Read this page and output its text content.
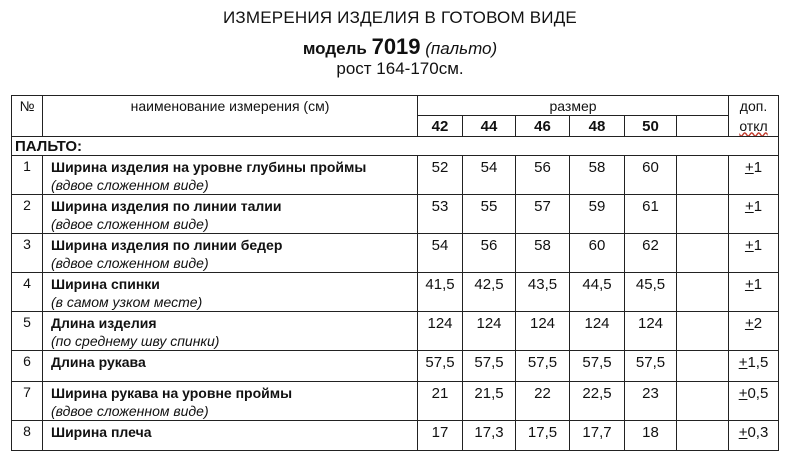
ИЗМЕРЕНИЯ ИЗДЕЛИЯ В ГОТОВОМ ВИДЕ
модель 7019 (пальто)
рост 164-170см.
№	наименование измерения (см)	размер						доп.
		42	44	46	48	50		откл
ПАЛЬТО:								
1	Ширина изделия на уровне глубины проймы
(вдвое сложенном виде)	52	54	56	58	60		+1
2	Ширина изделия по линии талии
(вдвое сложенном виде)	53	55	57	59	61		+1
3	Ширина изделия по линии бедер
(вдвое сложенном виде)	54	56	58	60	62		+1
4	Ширина спинки
(в самом узком месте)	41,5	42,5	43,5	44,5	45,5		+1
5	Длина изделия
(по среднему шву спинки)	124	124	124	124	124		+2
6	Длина рукава	57,5	57,5	57,5	57,5	57,5		+1,5
7	Ширина рукава на уровне проймы
(вдвое сложенном виде)	21	21,5	22	22,5	23		+0,5
8	Ширина плеча	17	17,3	17,5	17,7	18		+0,3
